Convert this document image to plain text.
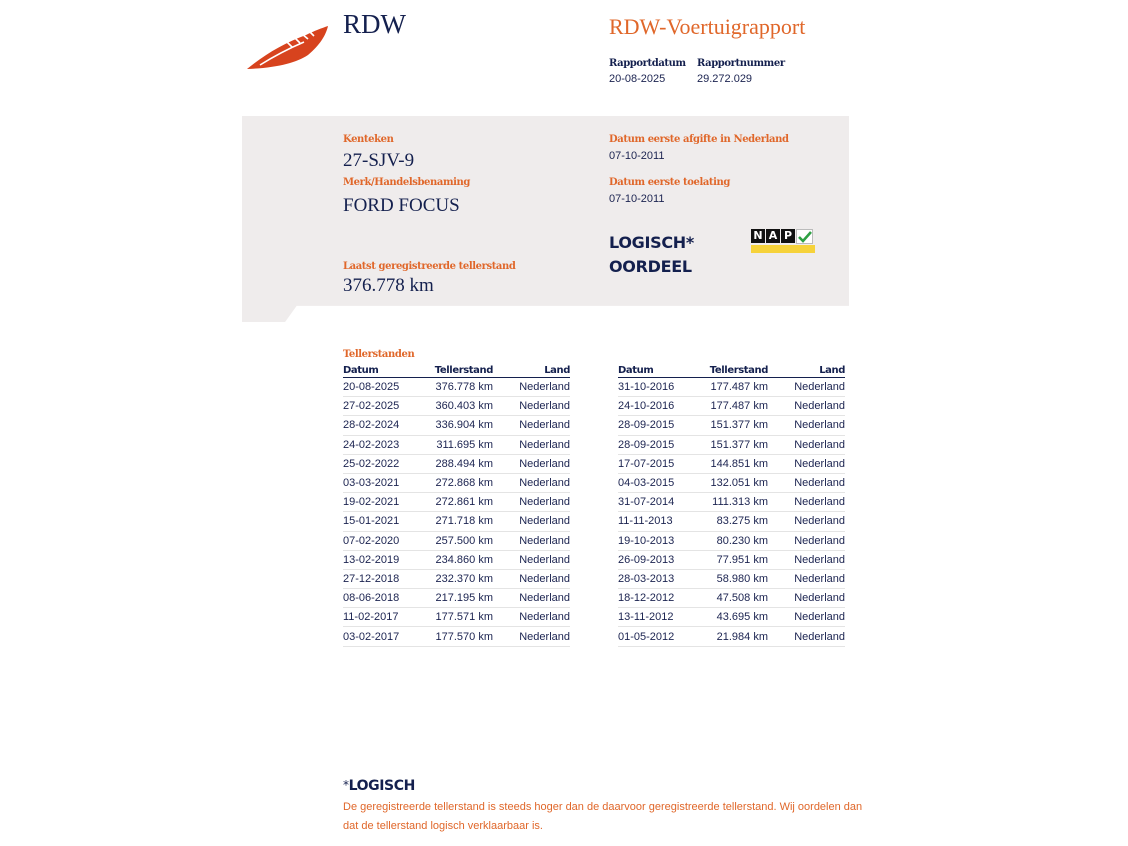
RDW	RDW-Voertuigrapport
Rapportdatum
20-08-2025
Rapportnummer
29.272.029
Kenteken
27-SJV-9
Merk/Handelsbenaming
FORD FOCUS
Laatst geregistreerde tellerstand
376.778 km
Datum eerste afgifte in Nederland
07-10-2011
Datum eerste toelating
07-10-2011
LOGISCH*
OORDEEL
N A P
Tellerstanden
Datum	Tellerstand	Land
20-08-2025	376.778 km	Nederland
27-02-2025	360.403 km	Nederland
28-02-2024	336.904 km	Nederland
24-02-2023	311.695 km	Nederland
25-02-2022	288.494 km	Nederland
03-03-2021	272.868 km	Nederland
19-02-2021	272.861 km	Nederland
15-01-2021	271.718 km	Nederland
07-02-2020	257.500 km	Nederland
13-02-2019	234.860 km	Nederland
27-12-2018	232.370 km	Nederland
08-06-2018	217.195 km	Nederland
11-02-2017	177.571 km	Nederland
03-02-2017	177.570 km	Nederland
Datum	Tellerstand	Land
31-10-2016	177.487 km	Nederland
24-10-2016	177.487 km	Nederland
28-09-2015	151.377 km	Nederland
28-09-2015	151.377 km	Nederland
17-07-2015	144.851 km	Nederland
04-03-2015	132.051 km	Nederland
31-07-2014	111.313 km	Nederland
11-11-2013	83.275 km	Nederland
19-10-2013	80.230 km	Nederland
26-09-2013	77.951 km	Nederland
28-03-2013	58.980 km	Nederland
18-12-2012	47.508 km	Nederland
13-11-2012	43.695 km	Nederland
01-05-2012	21.984 km	Nederland
*LOGISCH
De geregistreerde tellerstand is steeds hoger dan de daarvoor geregistreerde tellerstand. Wij oordelen dan dat de tellerstand logisch verklaarbaar is.
